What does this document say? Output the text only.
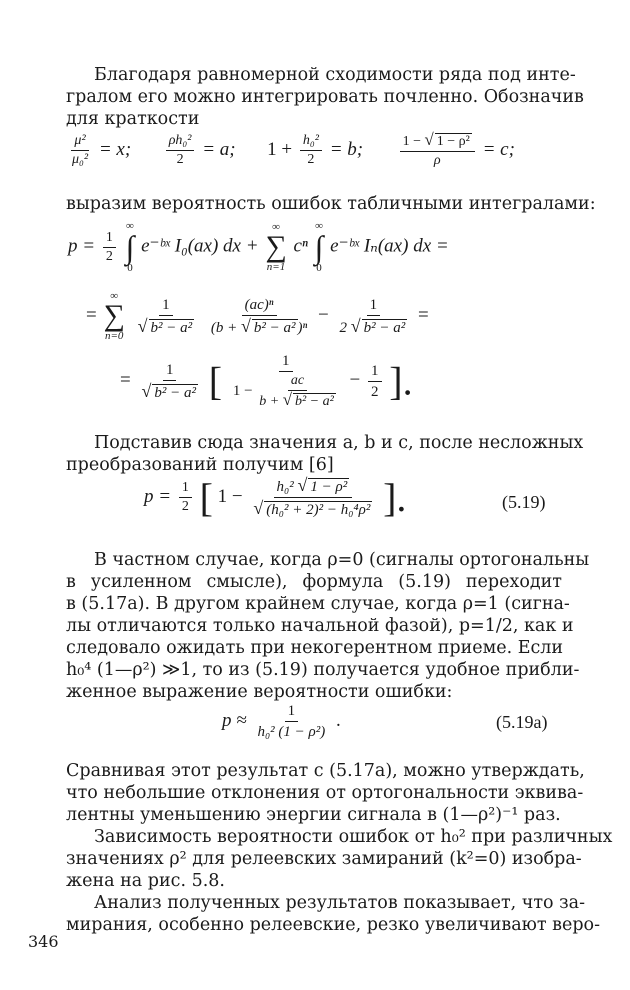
Благодаря равномерной сходимости ряда под инте-
гралом его можно интегрировать почленно. Обозначив
для краткости
$\frac{\text{μ²}}{\text{μ₀²}} = x$; $\frac{\text{ρh₀²}}{2} = a$; $1 + \frac{\text{h₀²}}{2} = b$;	$\frac{\text{1 − √ 1 − ρ²}}{\rho} = c$;
выразим вероятность ошибок табличными интегралами:
$p = \frac{1}{2}$

∞
∫
0
e⁻ᵇˣ I₀(ax) dx +
∞
∑
n=1
cⁿ
∞
∫
0
e⁻ᵇˣ Iₙ(ax) dx =
=
∞
∑
n=0
$\frac{1}{\text{√ b² − a²}}$
$\frac{\text{(ac)ⁿ}}{\text{(b + √ b² − a² )ⁿ}} - \frac{1}{\text{2 √ b² − a²}}$ =
= $\frac{1}{\text{√ b² − a²}}$ [ $\frac{1}{1 - \frac{ac}{\text{b + √ b² − a²}}} - \frac{1}{2}$ ].
Подставив сюда значения a, b и c, после несложных
преобразований получим [6]
$p = \frac{1}{2}$ [ $1 - \frac{\text{h₀² √ 1 − ρ²}}{\text{√ (h₀² + 2)² − h₀⁴ρ²}}$ ].	(5.19)
В частном случае, когда ρ=0 (сигналы ортогональны
в усиленном смысле), формула (5.19) переходит
в (5.17а). В другом крайнем случае, когда ρ=1 (сигна-
лы отличаются только начальной фазой), p=1/2, как и
следовало ожидать при некогерентном приеме. Если
h₀⁴ (1—ρ²) ≫1, то из (5.19) получается удобное прибли-
женное выражение вероятности ошибки:
$p \approx \frac{1}{\text{h₀² (1 − ρ²)}}$ .	(5.19а)
Сравнивая этот результат с (5.17а), можно утверждать,
что небольшие отклонения от ортогональности эквива-
лентны уменьшению энергии сигнала в (1—ρ²)⁻¹ раз.
Зависимость вероятности ошибок от h₀² при различных
значениях ρ² для релеевских замираний (k²=0) изобра-
жена на рис. 5.8.
Анализ полученных результатов показывает, что за-
мирания, особенно релеевские, резко увеличивают веро-
346
